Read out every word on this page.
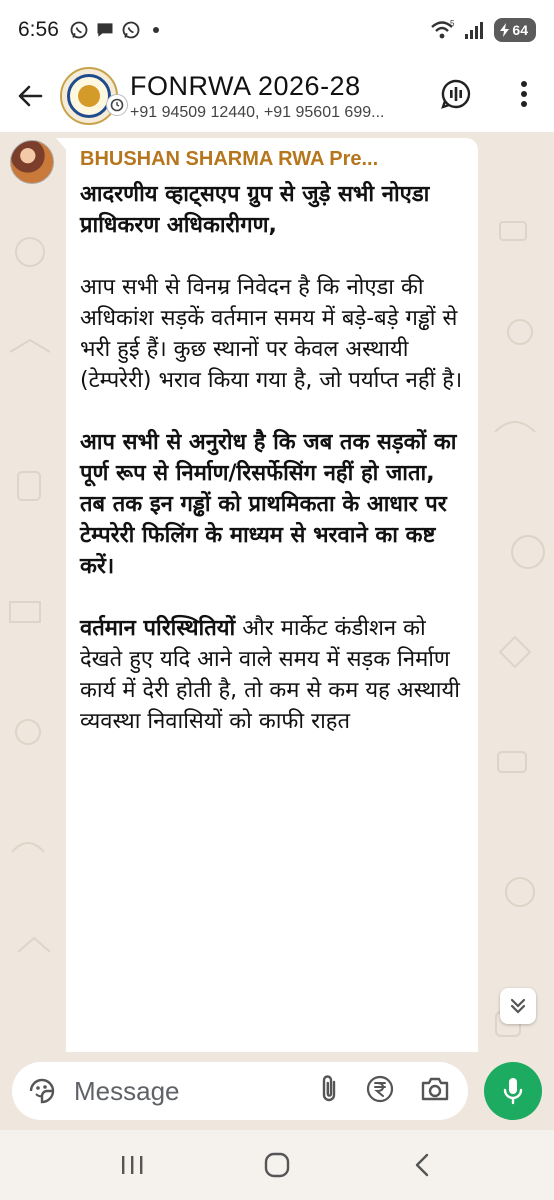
6:56	5	64
FONRWA 2026-28
+91 94509 12440, +91 95601 699...
BHUSHAN SHARMA RWA Pre...

आदरणीय व्हाट्सएप ग्रुप से जुड़े सभी नोएडा प्राधिकरण अधिकारीगण,

आप सभी से विनम्र निवेदन है कि नोएडा की अधिकांश सड़कें वर्तमान समय में बड़े-बड़े गड्ढों से भरी हुई हैं। कुछ स्थानों पर केवल अस्थायी (टेम्परेरी) भराव किया गया है, जो पर्याप्त नहीं है।

आप सभी से अनुरोध है कि जब तक सड़कों का पूर्ण रूप से निर्माण/रिसर्फेसिंग नहीं हो जाता, तब तक इन गड्ढों को प्राथमिकता के आधार पर टेम्परेरी फिलिंग के माध्यम से भरवाने का कष्ट करें।

वर्तमान परिस्थितियों और मार्केट कंडीशन को देखते हुए यदि आने वाले समय में सड़क निर्माण कार्य में देरी होती है, तो कम से कम यह अस्थायी व्यवस्था निवासियों को काफी राहत

Message
